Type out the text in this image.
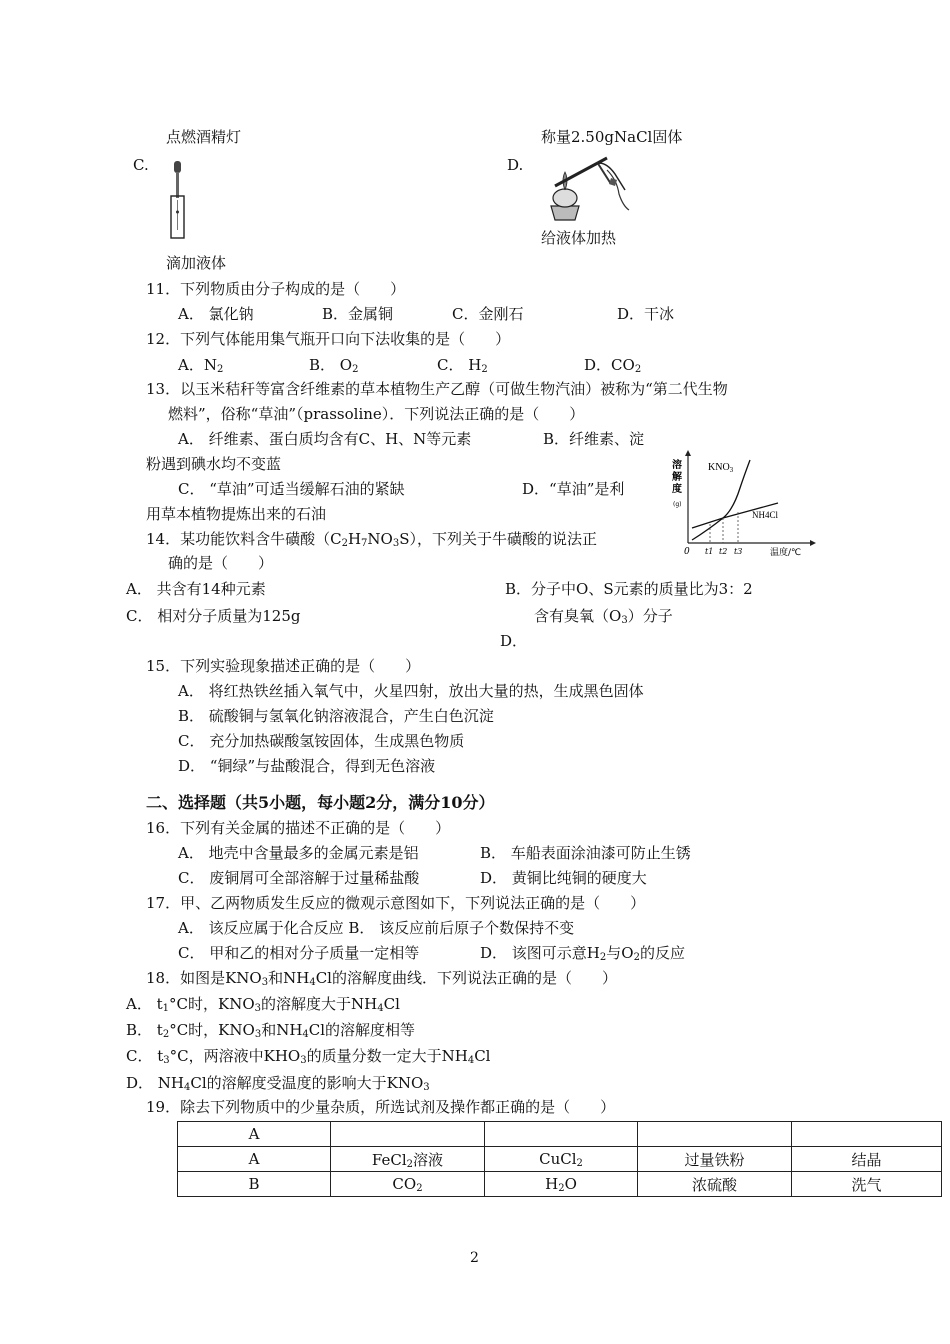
点燃酒精灯	称量2.50gNaCl固体
C.	D.
滴加液体
给液体加热
11．下列物质由分子构成的是（　　）
A． 氯化钠	B．金属铜	C．金刚石	D．干冰
12．下列气体能用集气瓶开口向下法收集的是（　　）
A．$N_2$	B． $O_2$	C． $H_2$	D．$CO_2$
13．以玉米秸秆等富含纤维素的草本植物生产乙醇（可做生物汽油）被称为“第二代生物
燃料”，俗称“草油”（prassoline）．下列说法正确的是（　　）
A． 纤维素、蛋白质均含有C、H、N等元素	B．纤维素、淀
粉遇到碘水均不变蓝
C． “草油”可适当缓解石油的紧缺	D．“草油”是利
用草本植物提炼出来的石油
溶
解
度
(g)
$KNO_3$
NH4Cl
0 t1 t2 t3	温度/℃
14．某功能饮料含牛磺酸$(C_2H_7NO_3S)$，下列关于牛磺酸的说法正
确的是（　　）
A． 共含有14种元素	B．分子中O、S元素的质量比为3：2
C． 相对分子质量为125g	含有臭氧$(O_3)$分子
D．
15．下列实验现象描述正确的是（　　）
A． 将红热铁丝插入氧气中，火星四射，放出大量的热，生成黑色固体
B． 硫酸铜与氢氧化钠溶液混合，产生白色沉淀
C． 充分加热碳酸氢铵固体，生成黑色物质
D． “铜绿”与盐酸混合，得到无色溶液
二、选择题（共5小题，每小题2分，满分10分）
16．下列有关金属的描述不正确的是（　　）
A． 地壳中含量最多的金属元素是铝	B． 车船表面涂油漆可防止生锈
C． 废铜屑可全部溶解于过量稀盐酸	D． 黄铜比纯铜的硬度大
17．甲、乙两物质发生反应的微观示意图如下，下列说法正确的是（　　）
A． 该反应属于化合反应 B． 该反应前后原子个数保持不变
C． 甲和乙的相对分子质量一定相等	D． 该图可示意$H_2$与$O_2$的反应
18．如图是$KNO_3$和$NH_4Cl$的溶解度曲线．下列说法正确的是（　　）
A． $t_1^\circ C$时，$KNO_3$的溶解度大于$NH_4Cl$
B． $t_2^\circ C$时，$KNO_3$和$NH_4Cl$的溶解度相等
C． $t_3^\circ C$，两溶液中$KHO_3$的质量分数一定大于$NH_4Cl$
D． $NH_4Cl$的溶解度受温度的影响大于$KNO_3$
19．除去下列物质中的少量杂质，所选试剂及操作都正确的是（　　）
A				
A	FeCl$_2$溶液	CuCl$_2$	过量铁粉	结晶
B	$CO_2$	$H_2O$	浓硫酸	洗气
2
